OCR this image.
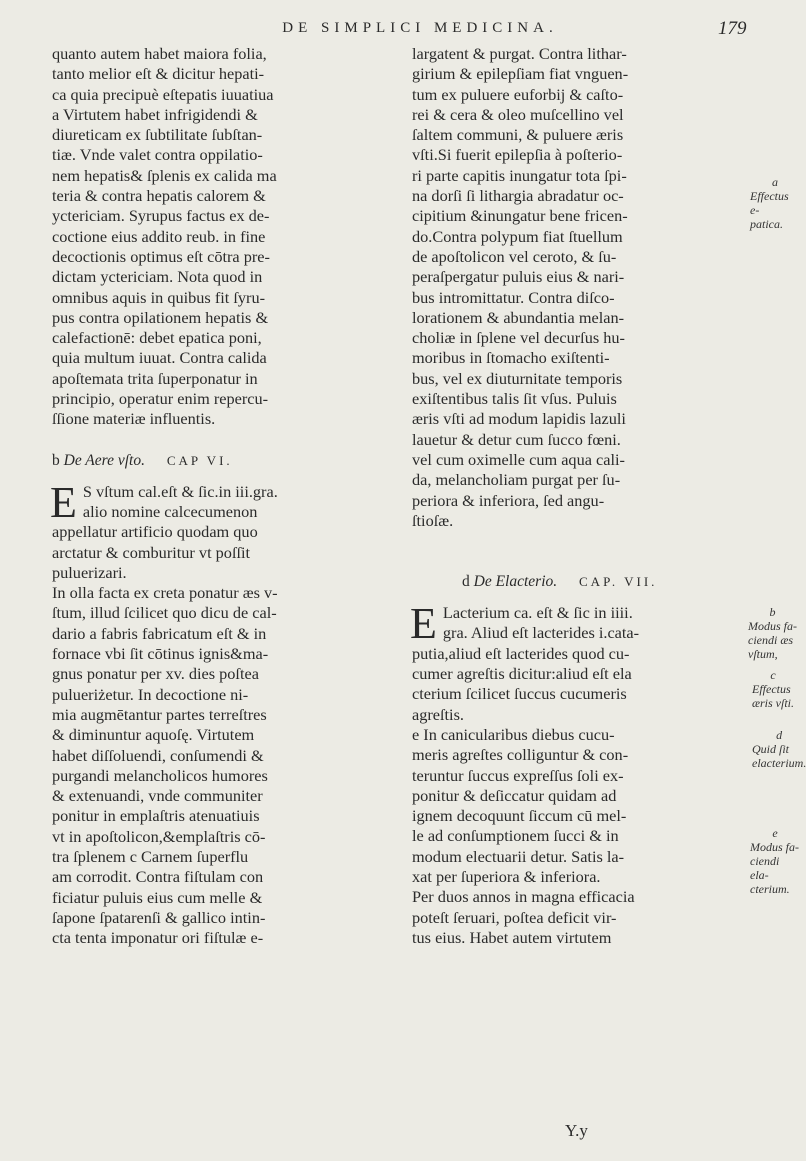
DE SIMPLICI MEDICINA.	179
quanto autem habet maiora folia,
tanto melior eſt & dicitur hepati-
ca quia precipuè eſtepatis iuuatiua
a Virtutem habet infrigidendi &
diureticam ex ſubtilitate ſubſtan-
tiæ. Vnde valet contra oppilatio-
nem hepatis& ſplenis ex calida ma
teria & contra hepatis calorem &
yctericiam. Syrupus factus ex de-
coctione eius addito reub. in fine
decoctionis optimus eſt cōtra pre-
dictam yctericiam. Nota quod in
omnibus aquis in quibus fit ſyru-
pus contra opilationem hepatis &
calefactionē: debet epatica poni,
quia multum iuuat. Contra calida
apoſtemata trita ſuperponatur in
principio, operatur enim repercu-
ſſione materiæ influentis.
b De Aere vſto. CAP VI.
E S vſtum cal.eſt & ſic.in iii.gra.
alio nomine calcecumenon
appellatur artificio quodam quo
arctatur & comburitur vt poſſit
puluerizari.
In olla facta ex creta ponatur æs v-
ſtum, illud ſcilicet quo dicu de cal-
dario a fabris fabricatum eſt & in
fornace vbi ſit cōtinus ignis&ma-
gnus ponatur per xv. dies poſtea
pulueriżetur. In decoctione ni-
mia augmētantur partes terreſtres
& diminuntur aquoſę. Virtutem
habet diſſoluendi, conſumendi &
purgandi melancholicos humores
& extenuandi, vnde communiter
ponitur in emplaſtris atenuatiuis
vt in apoſtolicon,&emplaſtris cō-
tra ſplenem c Carnem ſuperflu
am corrodit. Contra fiſtulam con
ficiatur puluis eius cum melle &
ſapone ſpatarenſi & gallico intin-
cta tenta imponatur ori fiſtulæ e-
largatent & purgat. Contra lithar-
girium & epilepſiam fiat vnguen-
tum ex puluere euforbij & caſto-
rei & cera & oleo muſcellino vel
ſaltem communi, & puluere æris
vſti.Si fuerit epilepſia à poſterio-
ri parte capitis inungatur tota ſpi-
na dorſi ſi lithargia abradatur oc-
cipitium &inungatur bene fricen-
do.Contra polypum fiat ſtuellum
de apoſtolicon vel ceroto, & ſu-
peraſpergatur puluis eius & nari-
bus intromittatur. Contra diſco-
lorationem & abundantia melan-
choliæ in ſplene vel decurſus hu-
moribus in ſtomacho exiſtenti-
bus, vel ex diuturnitate temporis
exiſtentibus talis ſit vſus. Puluis
æris vſti ad modum lapidis lazuli
lauetur & detur cum ſucco fœni.
vel cum oximelle cum aqua cali-
da, melancholiam purgat per ſu-
periora & inferiora, ſed angu-
ſtioſæ.
d De Elacterio. CAP. VII.
E Lacterium ca. eſt & ſic in iiii.
gra. Aliud eſt lacterides i.cata-
putia,aliud eſt lacterides quod cu-
cumer agreſtis dicitur:aliud eſt ela
cterium ſcilicet ſuccus cucumeris
agreſtis.
e In canicularibus diebus cucu-
meris agreſtes colliguntur & con-
teruntur ſuccus expreſſus ſoli ex-
ponitur & deſiccatur quidam ad
ignem decoquunt ſiccum cū mel-
le ad conſumptionem ſucci & in
modum electuarii detur. Satis la-
xat per ſuperiora & inferiora.
Per duos annos in magna efficacia
poteſt ſeruari, poſtea deficit vir-
tus eius. Habet autem virtutem
a
Effectus e-
patica.
b
Modus fa-
ciendi æs
vſtum,
c
Effectus
æris vſti.
d
Quid ſit
elacterium.
e
Modus fa-
ciendi ela-
cterium.
Y.y
